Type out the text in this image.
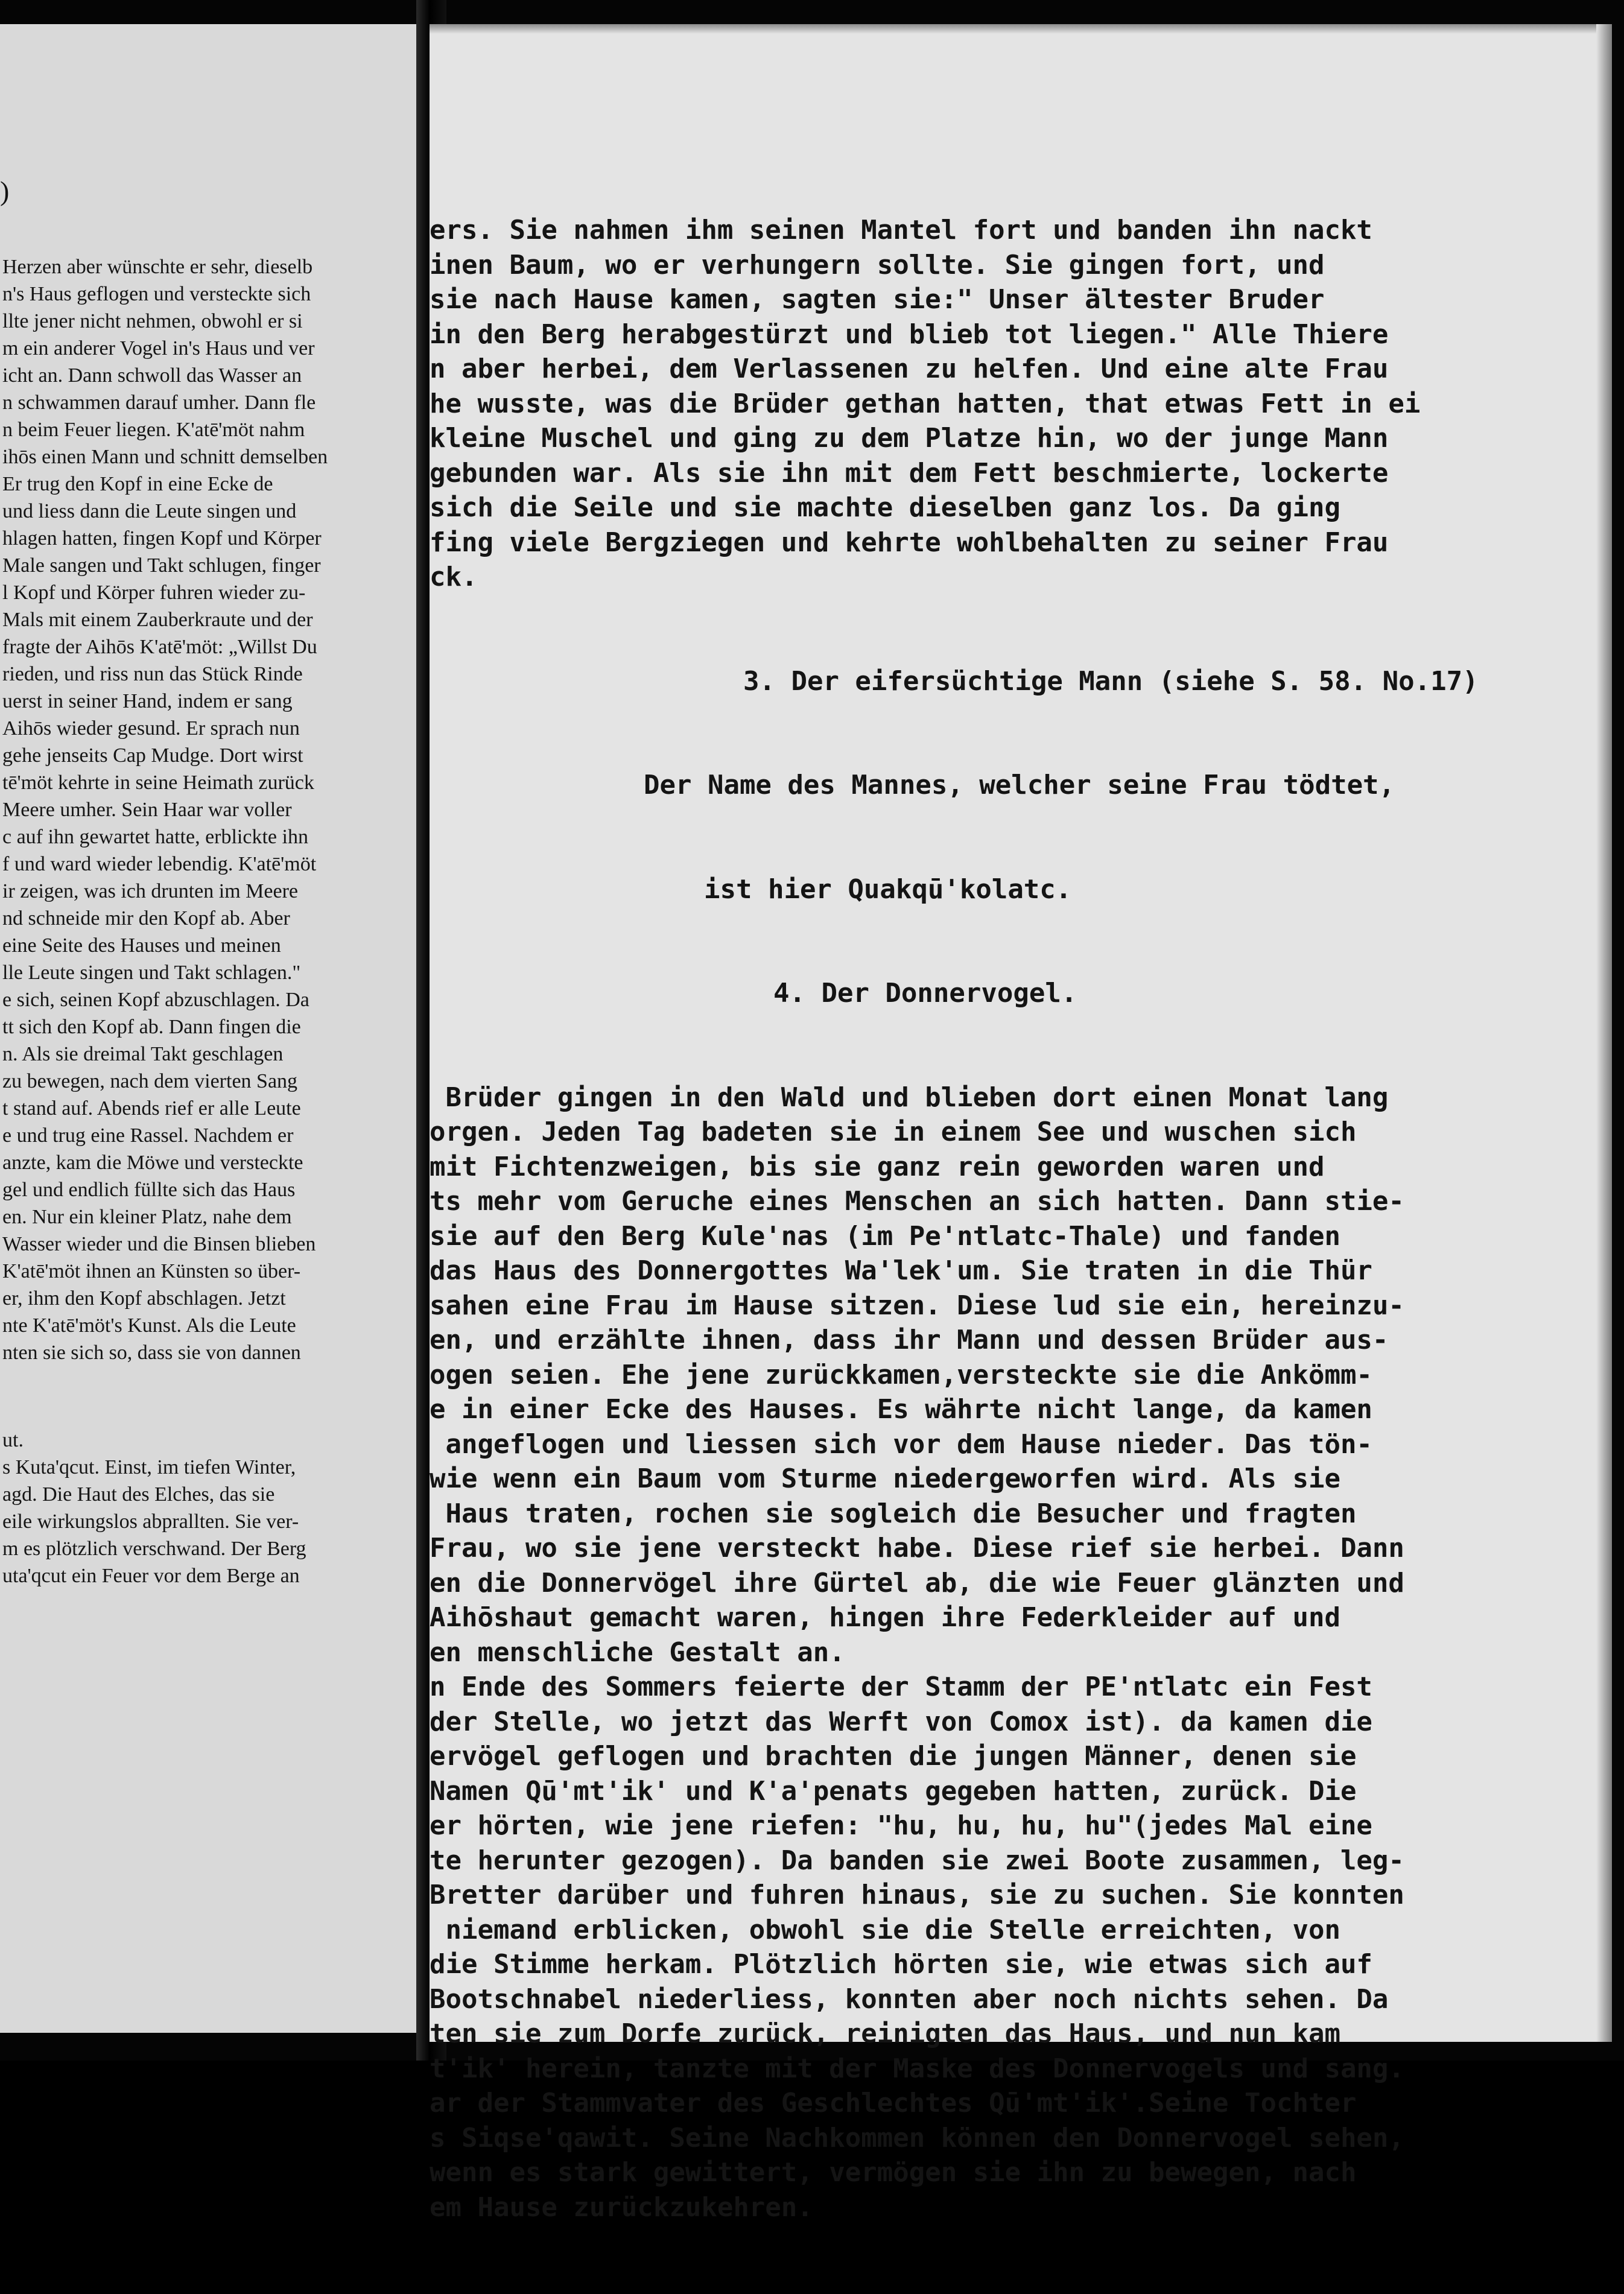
)
Herzen aber wünschte er sehr, dieselb
n's Haus geflogen und versteckte sich
llte jener nicht nehmen, obwohl er si
m ein anderer Vogel in's Haus und ver
icht an. Dann schwoll das Wasser an
n schwammen darauf umher. Dann fle
n beim Feuer liegen. K'atē'möt nahm
ihōs einen Mann und schnitt demselben
Er trug den Kopf in eine Ecke de
und liess dann die Leute singen und
hlagen hatten, fingen Kopf und Körper
Male sangen und Takt schlugen, finger
l Kopf und Körper fuhren wieder zu-
Mals mit einem Zauberkraute und der
fragte der Aihōs K'atē'möt: „Willst Du
rieden, und riss nun das Stück Rinde
uerst in seiner Hand, indem er sang
Aihōs wieder gesund. Er sprach nun
gehe jenseits Cap Mudge. Dort wirst
tē'möt kehrte in seine Heimath zurück
Meere umher. Sein Haar war voller
c auf ihn gewartet hatte, erblickte ihn
f und ward wieder lebendig. K'atē'möt
ir zeigen, was ich drunten im Meere
nd schneide mir den Kopf ab. Aber
eine Seite des Hauses und meinen
lle Leute singen und Takt schlagen."
e sich, seinen Kopf abzuschlagen. Da
tt sich den Kopf ab. Dann fingen die
n. Als sie dreimal Takt geschlagen
zu bewegen, nach dem vierten Sang
t stand auf. Abends rief er alle Leute
e und trug eine Rassel. Nachdem er
anzte, kam die Möwe und versteckte
gel und endlich füllte sich das Haus
en. Nur ein kleiner Platz, nahe dem
Wasser wieder und die Binsen blieben
K'atē'möt ihnen an Künsten so über-
er, ihm den Kopf abschlagen. Jetzt
nte K'atē'möt's Kunst. Als die Leute
nten sie sich so, dass sie von dannen
ut.
s Kuta'qcut. Einst, im tiefen Winter,
agd. Die Haut des Elches, das sie
eile wirkungslos abprallten. Sie ver-
m es plötzlich verschwand. Der Berg
uta'qcut ein Feuer vor dem Berge an

ers. Sie nahmen ihm seinen Mantel fort und banden ihn nackt
inen Baum, wo er verhungern sollte. Sie gingen fort, und
sie nach Hause kamen, sagten sie:" Unser ältester Bruder
in den Berg herabgestürzt und blieb tot liegen." Alle Thiere
n aber herbei, dem Verlassenen zu helfen. Und eine alte Frau
he wusste, was die Brüder gethan hatten, that etwas Fett in ei
kleine Muschel und ging zu dem Platze hin, wo der junge Mann
gebunden war. Als sie ihn mit dem Fett beschmierte, lockerte
sich die Seile und sie machte dieselben ganz los. Da ging
fing viele Bergziegen und kehrte wohlbehalten zu seiner Frau
ck.

3. Der eifersüchtige Mann (siehe S. 58. No.17)

Der Name des Mannes, welcher seine Frau tödtet,

ist hier Quakqū'kolatc.

4. Der Donnervogel.

Brüder gingen in den Wald und blieben dort einen Monat lang
orgen. Jeden Tag badeten sie in einem See und wuschen sich
mit Fichtenzweigen, bis sie ganz rein geworden waren und
ts mehr vom Geruche eines Menschen an sich hatten. Dann stie-
sie auf den Berg Kule'nas (im Pe'ntlatc-Thale) und fanden
das Haus des Donnergottes Wa'lek'um. Sie traten in die Thür
sahen eine Frau im Hause sitzen. Diese lud sie ein, hereinzu-
en, und erzählte ihnen, dass ihr Mann und dessen Brüder aus-
ogen seien. Ehe jene zurückkamen,versteckte sie die Ankömm-
e in einer Ecke des Hauses. Es währte nicht lange, da kamen
angeflogen und liessen sich vor dem Hause nieder. Das tön-
wie wenn ein Baum vom Sturme niedergeworfen wird. Als sie
Haus traten, rochen sie sogleich die Besucher und fragten
Frau, wo sie jene versteckt habe. Diese rief sie herbei. Dann
en die Donnervögel ihre Gürtel ab, die wie Feuer glänzten und
Aihōshaut gemacht waren, hingen ihre Federkleider auf und
en menschliche Gestalt an.
n Ende des Sommers feierte der Stamm der PE'ntlatc ein Fest
der Stelle, wo jetzt das Werft von Comox ist). da kamen die
ervögel geflogen und brachten die jungen Männer, denen sie
Namen Qū'mt'ik' und K'a'penats gegeben hatten, zurück. Die
er hörten, wie jene riefen: "hu, hu, hu, hu"(jedes Mal eine
te herunter gezogen). Da banden sie zwei Boote zusammen, leg-
Bretter darüber und fuhren hinaus, sie zu suchen. Sie konnten
niemand erblicken, obwohl sie die Stelle erreichten, von
die Stimme herkam. Plötzlich hörten sie, wie etwas sich auf
Bootschnabel niederliess, konnten aber noch nichts sehen. Da
ten sie zum Dorfe zurück, reinigten das Haus, und nun kam
t'ik' herein, tanzte mit der Maske des Donnervogels und sang.
ar der Stammvater des Geschlechtes Qū'mt'ik'.Seine Tochter
s Siqse'qawit. Seine Nachkommen können den Donnervogel sehen,
wenn es stark gewittert, vermögen sie ihn zu bewegen, nach
em Hause zurückzukehren.
